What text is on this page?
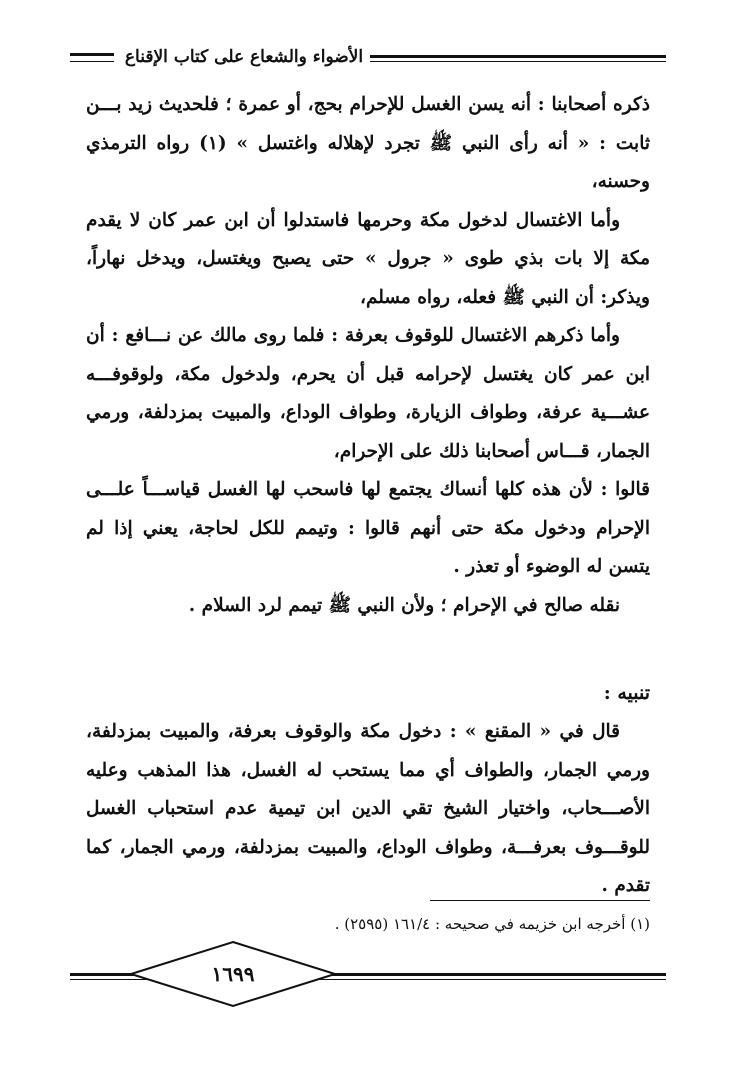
الأضواء والشعاع على كتاب الإقناع

ذكره أصحابنا : أنه يسن الغسل للإحرام بحج، أو عمرة ؛ فلحديث زيد بـــن ثابت : « أنه رأى النبي ﷺ تجرد لإهلاله واغتسل » (١) رواه الترمذي وحسنه،

وأما الاغتسال لدخول مكة وحرمها فاستدلوا أن ابن عمر كان لا يقدم مكة إلا بات بذي طوى « جرول » حتى يصبح ويغتسل، ويدخل نهاراً، ويذكر: أن النبي ﷺ فعله، رواه مسلم،

وأما ذكرهم الاغتسال للوقوف بعرفة : فلما روى مالك عن نـــافع : أن ابن عمر كان يغتسل لإحرامه قبل أن يحرم، ولدخول مكة، ولوقوفـــه عشـــية عرفة، وطواف الزيارة، وطواف الوداع، والمبيت بمزدلفة، ورمي الجمار، قـــاس أصحابنا ذلك على الإحرام،

قالوا : لأن هذه كلها أنساك يجتمع لها فاسحب لها الغسل قياســـاً علـــى الإحرام ودخول مكة حتى أنهم قالوا : وتيمم للكل لحاجة، يعني إذا لم يتسن له الوضوء أو تعذر .

نقله صالح في الإحرام ؛ ولأن النبي ﷺ تيمم لرد السلام .

تنبيه :

قال في « المقنع » : دخول مكة والوقوف بعرفة، والمبيت بمزدلفة، ورمي الجمار، والطواف أي مما يستحب له الغسل، هذا المذهب وعليه الأصـــحاب، واختيار الشيخ تقي الدين ابن تيمية عدم استحباب الغسل للوقـــوف بعرفـــة، وطواف الوداع، والمبيت بمزدلفة، ورمي الجمار، كما تقدم .

(١) أخرجه ابن خزيمه في صحيحه : ١٦١/٤ (٢٥٩٥) .
١٦٩٩
